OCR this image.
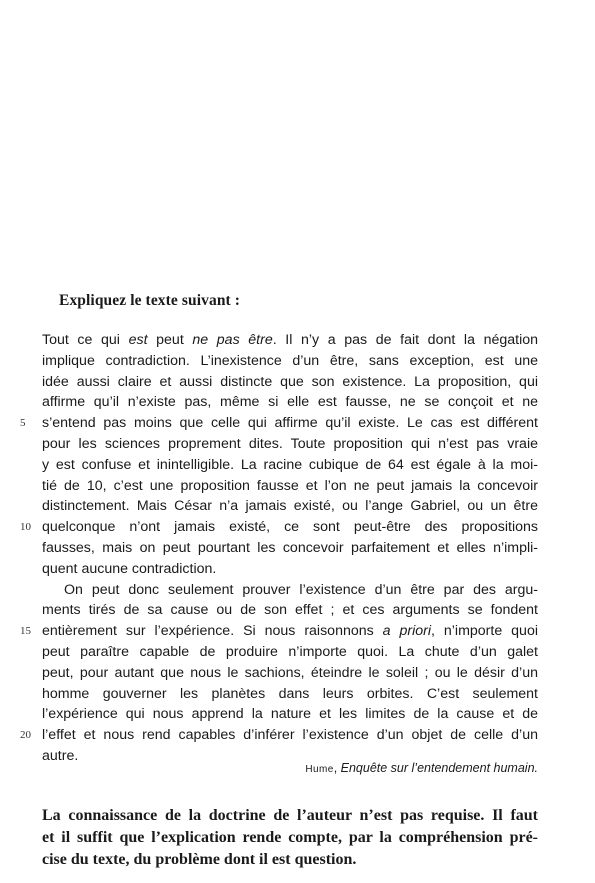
Expliquez le texte suivant :
Tout ce qui est peut ne pas être. Il n’y a pas de fait dont la négation
implique contradiction. L’inexistence d’un être, sans exception, est une
idée aussi claire et aussi distincte que son existence. La proposition, qui
affirme qu’il n’existe pas, même si elle est fausse, ne se conçoit et ne
5	s’entend pas moins que celle qui affirme qu’il existe. Le cas est différent
pour les sciences proprement dites. Toute proposition qui n’est pas vraie
y est confuse et inintelligible. La racine cubique de 64 est égale à la moi-
tié de 10, c’est une proposition fausse et l’on ne peut jamais la concevoir
distinctement. Mais César n’a jamais existé, ou l’ange Gabriel, ou un être
10 quelconque n’ont jamais existé, ce sont peut-être des propositions
fausses, mais on peut pourtant les concevoir parfaitement et elles n’impli-
quent aucune contradiction.
On peut donc seulement prouver l’existence d’un être par des argu-
ments tirés de sa cause ou de son effet ; et ces arguments se fondent
15 entièrement sur l’expérience. Si nous raisonnons a priori, n’importe quoi
peut paraître capable de produire n’importe quoi. La chute d’un galet
peut, pour autant que nous le sachions, éteindre le soleil ; ou le désir d’un
homme gouverner les planètes dans leurs orbites. C’est seulement
l’expérience qui nous apprend la nature et les limites de la cause et de
20 l’effet et nous rend capables d’inférer l’existence d’un objet de celle d’un
autre.
Hume, Enquête sur l’entendement humain.
La connaissance de la doctrine de l’auteur n’est pas requise. Il faut
et il suffit que l’explication rende compte, par la compréhension pré-
cise du texte, du problème dont il est question.
